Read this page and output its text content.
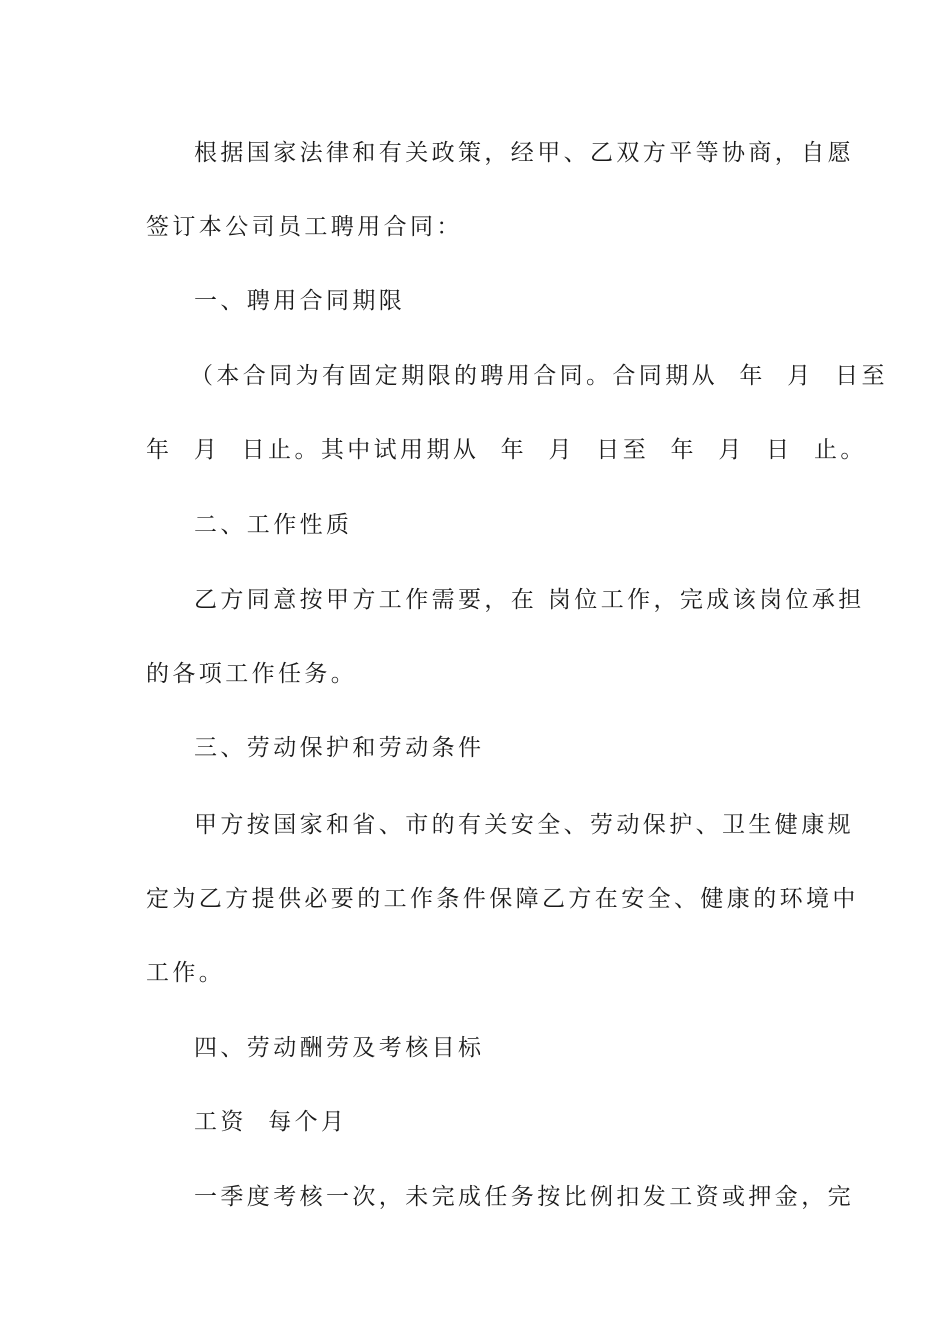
根据国家法律和有关政策，经甲、乙双方平等协商，自愿
签订本公司员工聘用合同：
一、聘用合同期限
（本合同为有固定期限的聘用合同。合同期从  年  月  日至
年  月  日止。其中试用期从  年  月  日至  年  月  日  止。
二、工作性质
乙方同意按甲方工作需要，在 岗位工作，完成该岗位承担
的各项工作任务。
三、劳动保护和劳动条件
甲方按国家和省、市的有关安全、劳动保护、卫生健康规
定为乙方提供必要的工作条件保障乙方在安全、健康的环境中
工作。
四、劳动酬劳及考核目标
工资  每个月
一季度考核一次，未完成任务按比例扣发工资或押金，完
